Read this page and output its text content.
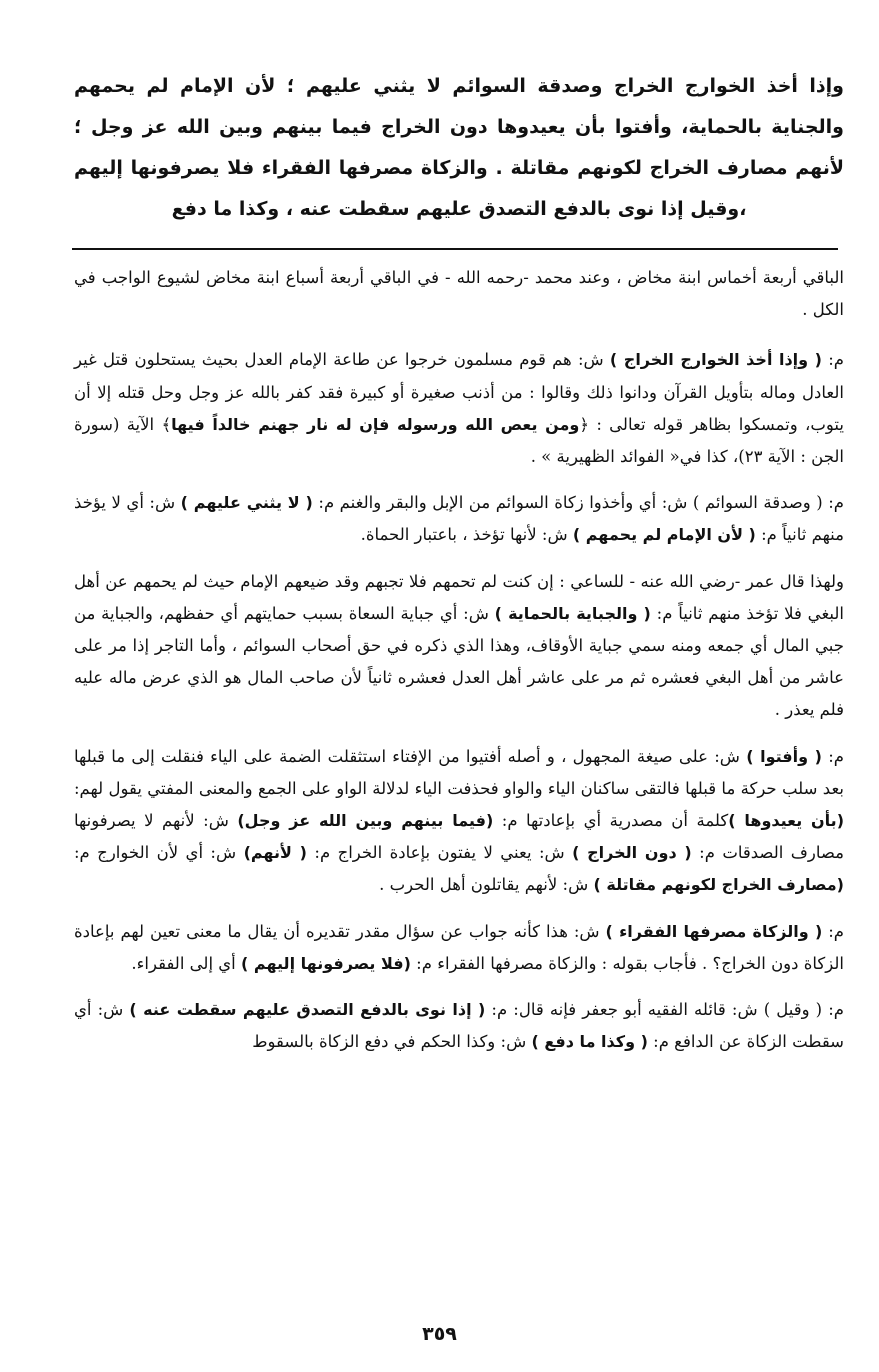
وإذا أخذ الخوارج الخراج وصدقة السوائم لا يثني عليهم ؛ لأن الإمام لم يحمهم والجناية بالحماية، وأفتوا بأن يعيدوها دون الخراج فيما بينهم وبين الله عز وجل ؛ لأنهم مصارف الخراج لكونهم مقاتلة . والزكاة مصرفها الفقراء فلا يصرفونها إليهم ،وقيل إذا نوى بالدفع التصدق عليهم سقطت عنه ، وكذا ما دفع

الباقي أربعة أخماس ابنة مخاض ، وعند محمد -رحمه الله - في الباقي أربعة أسباع ابنة مخاض لشيوع الواجب في الكل .

م: ( وإذا أخذ الخوارج الخراج ) ش: هم قوم مسلمون خرجوا عن طاعة الإمام العدل بحيث يستحلون قتل غير العادل وماله بتأويل القرآن ودانوا ذلك وقالوا : من أذنب صغيرة أو كبيرة فقد كفر بالله عز وجل وحل قتله إلا أن يتوب، وتمسكوا بظاهر قوله تعالى : ﴿ومن يعص الله ورسوله فإن له نار جهنم خالداً فيها﴾ الآية (سورة الجن : الآية ٢٣)، كذا في« الفوائد الظهيرية » .

م: ( وصدقة السوائم ) ش: أي وأخذوا زكاة السوائم من الإبل والبقر والغنم م: ( لا يثني عليهم ) ش: أي لا يؤخذ منهم ثانياً م: ( لأن الإمام لم يحمهم ) ش: لأنها تؤخذ ، باعتبار الحماة.

ولهذا قال عمر -رضي الله عنه - للساعي : إن كنت لم تحمهم فلا تجبهم وقد ضيعهم الإمام حيث لم يحمهم عن أهل البغي فلا تؤخذ منهم ثانياً م: ( والجباية بالحماية ) ش: أي جباية السعاة بسبب حمايتهم أي حفظهم، والجباية من جبي المال أي جمعه ومنه سمي جباية الأوقاف، وهذا الذي ذكره في حق أصحاب السوائم ، وأما التاجر إذا مر على عاشر من أهل البغي فعشره ثم مر على عاشر أهل العدل فعشره ثانياً لأن صاحب المال هو الذي عرض ماله عليه فلم يعذر .

م: ( وأفتوا ) ش: على صيغة المجهول ، و أصله أفتيوا من الإفتاء استثقلت الضمة على الياء فنقلت إلى ما قبلها بعد سلب حركة ما قبلها فالتقى ساكنان الياء والواو فحذفت الياء لدلالة الواو على الجمع والمعنى المفتي يقول لهم: (بأن يعيدوها )كلمة أن مصدرية أي بإعادتها م: (فيما بينهم وبين الله عز وجل) ش: لأنهم لا يصرفونها مصارف الصدقات م: ( دون الخراج ) ش: يعني لا يفتون بإعادة الخراج م: ( لأنهم) ش: أي لأن الخوارج م: (مصارف الخراج لكونهم مقاتلة ) ش: لأنهم يقاتلون أهل الحرب .

م: ( والزكاة مصرفها الفقراء ) ش: هذا كأنه جواب عن سؤال مقدر تقديره أن يقال ما معنى تعين لهم بإعادة الزكاة دون الخراج؟ . فأجاب بقوله : والزكاة مصرفها الفقراء م: (فلا يصرفونها إليهم ) أي إلى الفقراء.

م: ( وقيل ) ش: قائله الفقيه أبو جعفر فإنه قال: م: ( إذا نوى بالدفع التصدق عليهم سقطت عنه ) ش: أي سقطت الزكاة عن الدافع م: ( وكذا ما دفع ) ش: وكذا الحكم في دفع الزكاة بالسقوط

٣٥٩
